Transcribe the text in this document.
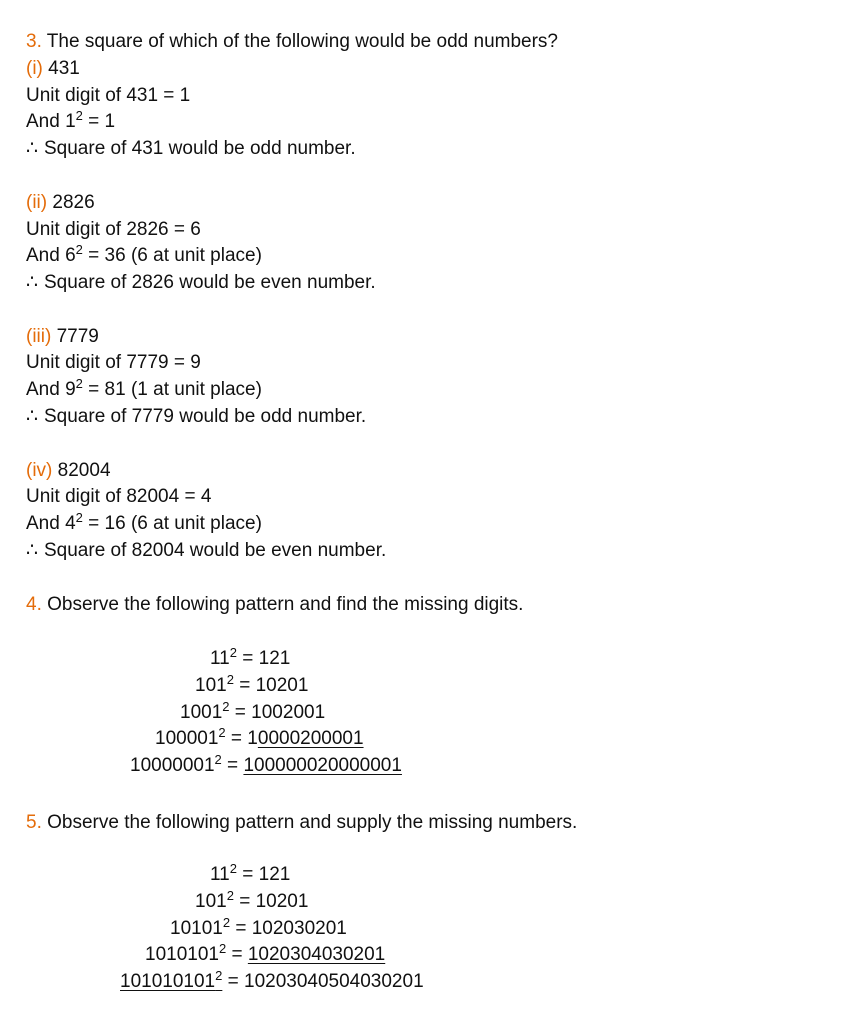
3. The square of which of the following would be odd numbers?
(i) 431
Unit digit of 431 = 1
And $1^2 = 1$
∴ Square of 431 would be odd number.
(ii) 2826
Unit digit of 2826 = 6
And $6^2 = 36$ (6 at unit place)
∴ Square of 2826 would be even number.
(iii) 7779
Unit digit of 7779 = 9
And $9^2 = 81$ (1 at unit place)
∴ Square of 7779 would be odd number.
(iv) 82004
Unit digit of 82004 = 4
And $4^2 = 16$ (6 at unit place)
∴ Square of 82004 would be even number.
4. Observe the following pattern and find the missing digits.
$11^2 = 121$
$101^2 = 10201$
$1001^2 = 1002001$
$100001^2 = 10000200001$
$10000001^2 = 100000020000001$
5. Observe the following pattern and supply the missing numbers.
$11^2 = 121$
$101^2 = 10201$
$10101^2 = 102030201$
$1010101^2 = 1020304030201$
$101010101^2 = 10203040504030201$
